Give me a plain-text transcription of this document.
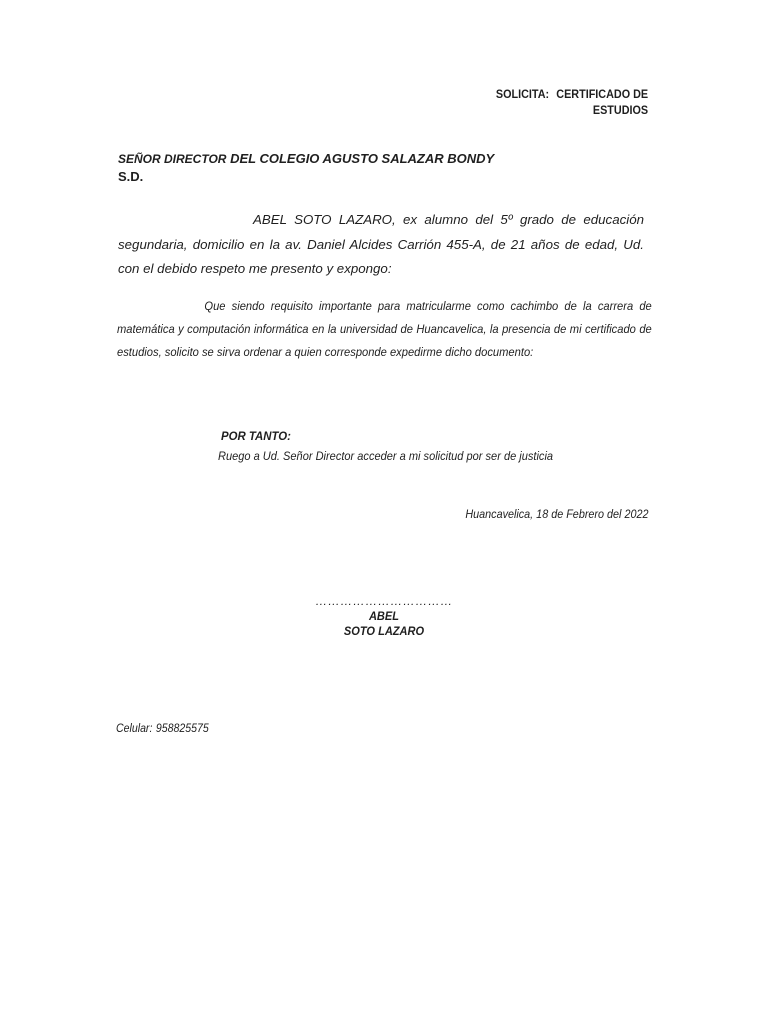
SOLICITA: CERTIFICADO DE
ESTUDIOS
SEÑOR DIRECTOR DEL COLEGIO AGUSTO SALAZAR BONDY
S.D.
ABEL SOTO LAZARO, ex alumno del 5º grado de educación segundaria, domicilio en la av. Daniel Alcides Carrión 455-A, de 21 años de edad, Ud. con el debido respeto me presento y expongo:
Que siendo requisito importante para matricularme como cachimbo de la carrera de matemática y computación informática en la universidad de Huancavelica, la presencia de mi certificado de estudios, solicito se sirva ordenar a quien corresponde expedirme dicho documento:
POR TANTO:
Ruego a Ud. Señor Director acceder a mi solicitud por ser de justicia
Huancavelica, 18 de Febrero del 2022
……………………………
ABEL
SOTO LAZARO
Celular: 958825575
